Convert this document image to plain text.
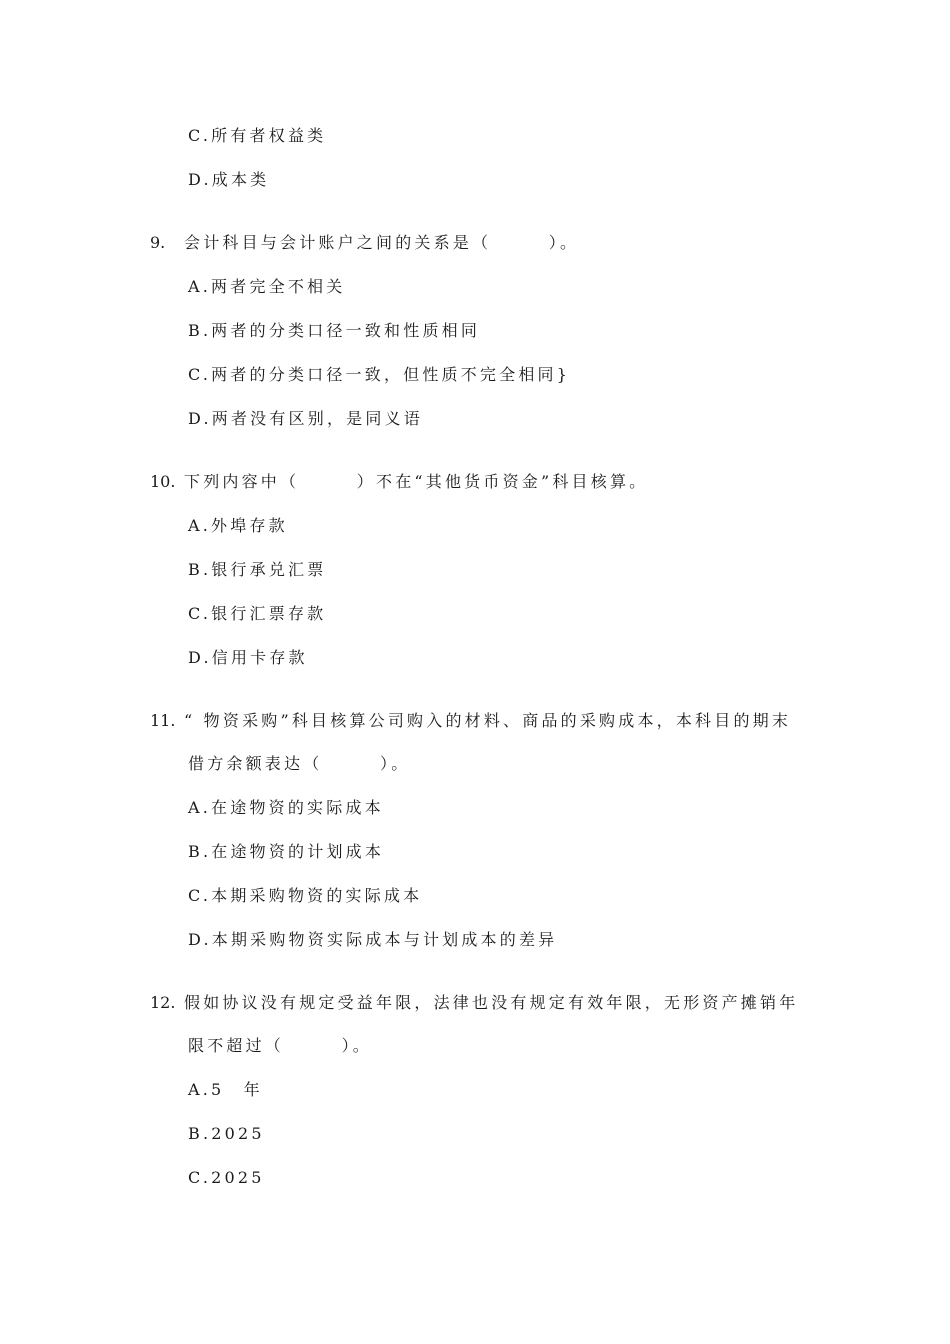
C.所有者权益类
D.成本类
9. 会计科目与会计账户之间的关系是（　　　）。
A.两者完全不相关
B.两者的分类口径一致和性质相同
C.两者的分类口径一致，但性质不完全相同}
D.两者没有区别，是同义语
10. 下列内容中（　　　）不在“其他货币资金”科目核算。
A.外埠存款
B.银行承兑汇票
C.银行汇票存款
D.信用卡存款
11. “ 物资采购”科目核算公司购入的材料、商品的采购成本，本科目的期末
借方余额表达（　　　）。
A.在途物资的实际成本
B.在途物资的计划成本
C.本期采购物资的实际成本
D.本期采购物资实际成本与计划成本的差异
12. 假如协议没有规定受益年限，法律也没有规定有效年限，无形资产摊销年
限不超过（　　　）。
A.5　年
B.2025
C.2025
